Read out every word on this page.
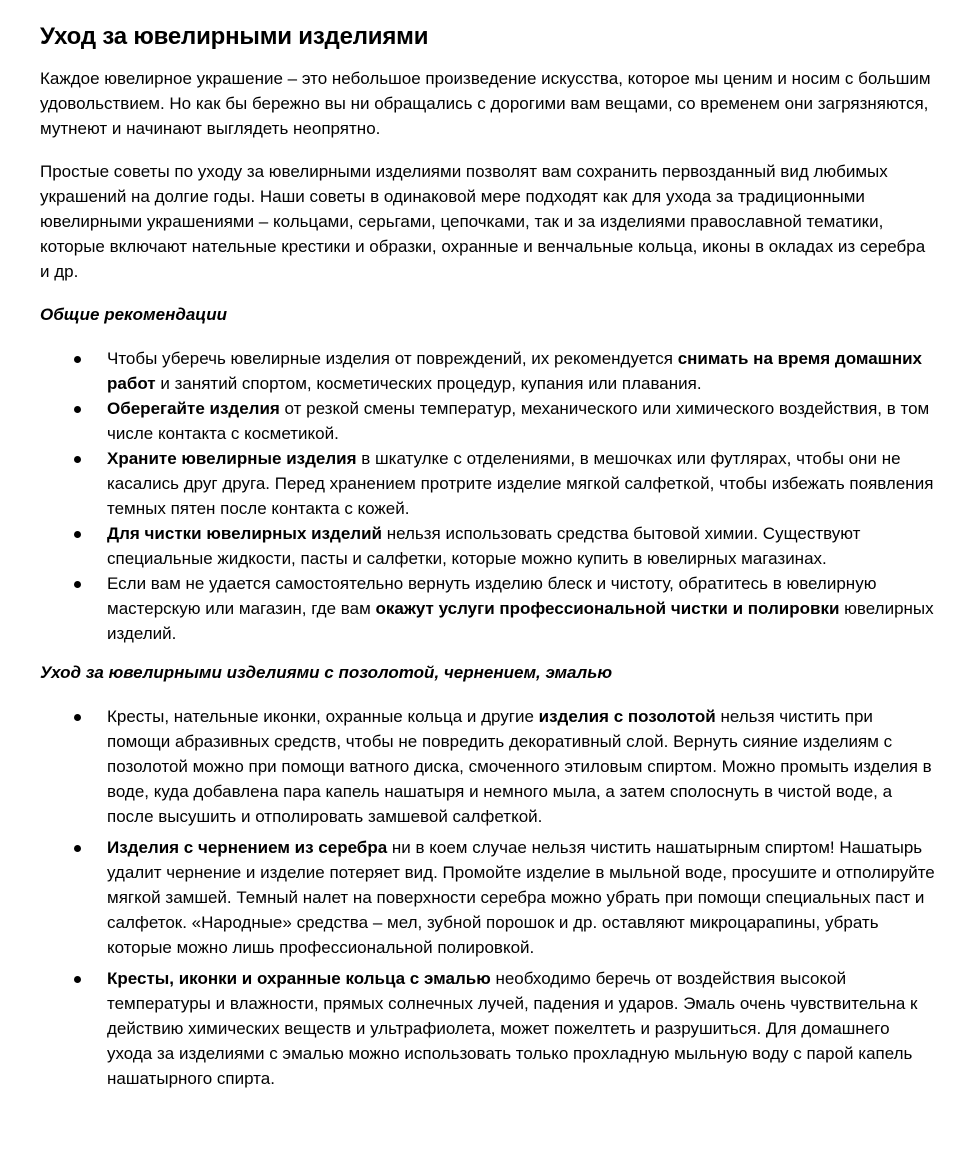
Уход за ювелирными изделиями

Каждое ювелирное украшение – это небольшое произведение искусства, которое мы ценим и носим с большим удовольствием. Но как бы бережно вы ни обращались с дорогими вам вещами, со временем они загрязняются, мутнеют и начинают выглядеть неопрятно.

Простые советы по уходу за ювелирными изделиями позволят вам сохранить первозданный вид любимых украшений на долгие годы. Наши советы в одинаковой мере подходят как для ухода за традиционными ювелирными украшениями – кольцами, серьгами, цепочками, так и за изделиями православной тематики, которые включают нательные крестики и образки, охранные и венчальные кольца, иконы в окладах из серебра и др.

Общие рекомендации
Чтобы уберечь ювелирные изделия от повреждений, их рекомендуется снимать на время домашних работ и занятий спортом, косметических процедур, купания или плавания.
Оберегайте изделия от резкой смены температур, механического или химического воздействия, в том числе контакта с косметикой.
Храните ювелирные изделия в шкатулке с отделениями, в мешочках или футлярах, чтобы они не касались друг друга. Перед хранением протрите изделие мягкой салфеткой, чтобы избежать появления темных пятен после контакта с кожей.
Для чистки ювелирных изделий нельзя использовать средства бытовой химии. Существуют специальные жидкости, пасты и салфетки, которые можно купить в ювелирных магазинах.
Если вам не удается самостоятельно вернуть изделию блеск и чистоту, обратитесь в ювелирную мастерскую или магазин, где вам окажут услуги профессиональной чистки и полировки ювелирных изделий.
Уход за ювелирными изделиями с позолотой, чернением, эмалью
Кресты, нательные иконки, охранные кольца и другие изделия с позолотой нельзя чистить при помощи абразивных средств, чтобы не повредить декоративный слой. Вернуть сияние изделиям с позолотой можно при помощи ватного диска, смоченного этиловым спиртом. Можно промыть изделия в воде, куда добавлена пара капель нашатыря и немного мыла, а затем сполоснуть в чистой воде, а после высушить и отполировать замшевой салфеткой.
Изделия с чернением из серебра ни в коем случае нельзя чистить нашатырным спиртом! Нашатырь удалит чернение и изделие потеряет вид. Промойте изделие в мыльной воде, просушите и отполируйте мягкой замшей. Темный налет на поверхности серебра можно убрать при помощи специальных паст и салфеток. «Народные» средства – мел, зубной порошок и др. оставляют микроцарапины, убрать которые можно лишь профессиональной полировкой.
Кресты, иконки и охранные кольца с эмалью необходимо беречь от воздействия высокой температуры и влажности, прямых солнечных лучей, падения и ударов. Эмаль очень чувствительна к действию химических веществ и ультрафиолета, может пожелтеть и разрушиться. Для домашнего ухода за изделиями с эмалью можно использовать только прохладную мыльную воду с парой капель нашатырного спирта.
